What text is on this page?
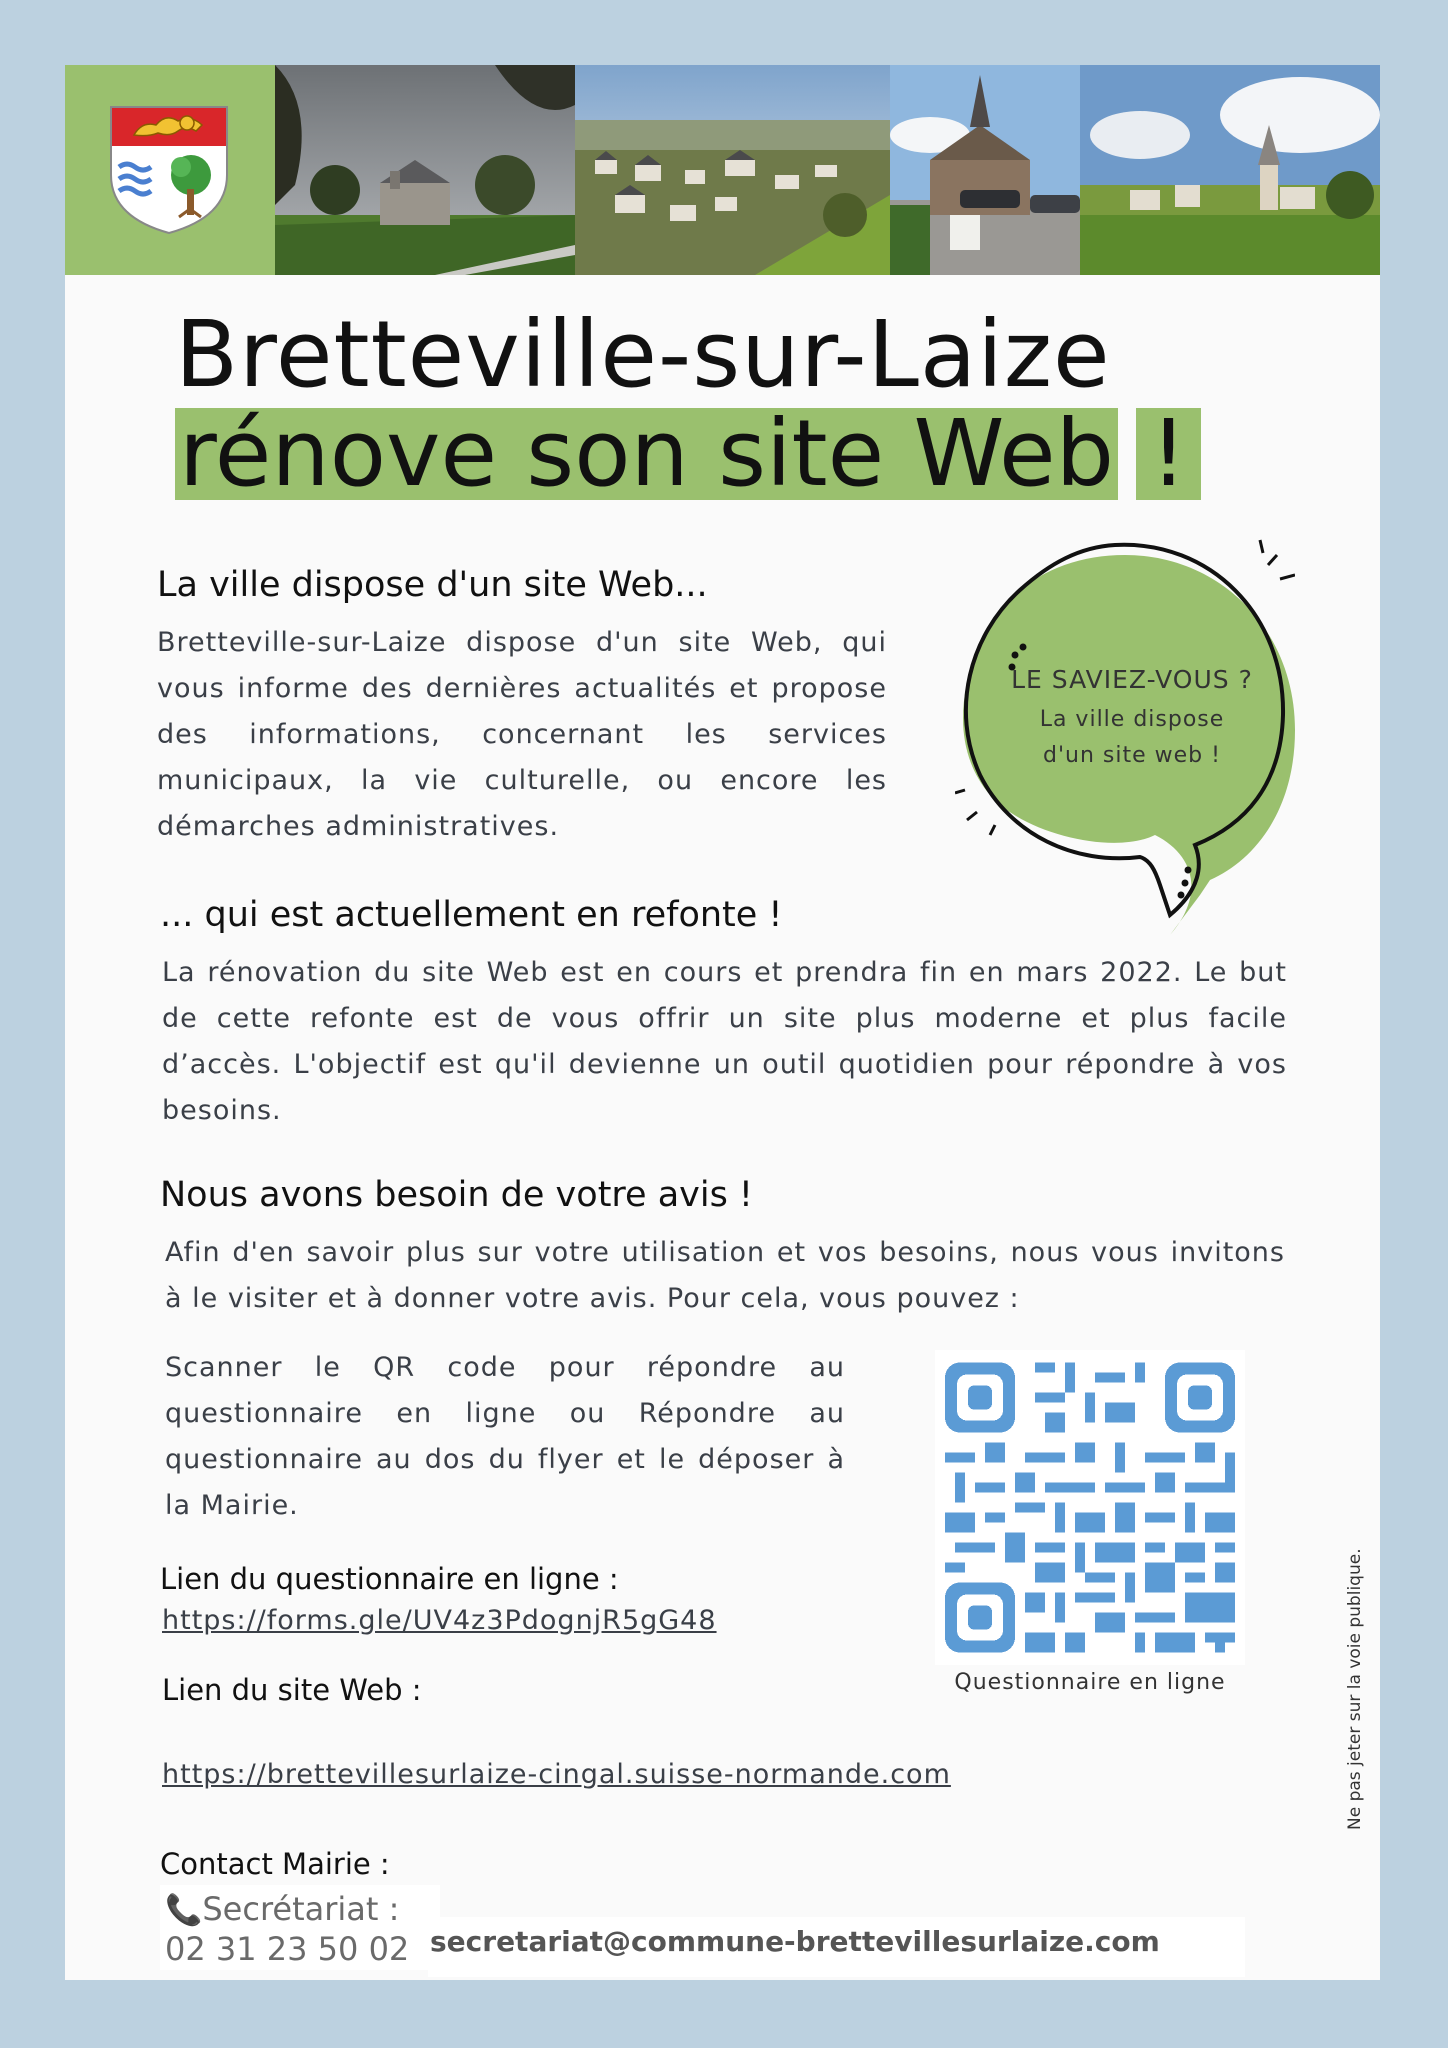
Bretteville-sur-Laize
rénove son site Web !
La ville dispose d'un site Web...

Bretteville-sur-Laize dispose d'un site Web, qui vous informe des dernières actualités et propose des informations, concernant les services municipaux, la vie culturelle, ou encore les démarches administratives.

LE SAVIEZ-VOUS ?
La ville dispose
d'un site web !
... qui est actuellement en refonte !

La rénovation du site Web est en cours et prendra fin en mars 2022. Le but de cette refonte est de vous offrir un site plus moderne et plus facile d’accès. L'objectif est qu'il devienne un outil quotidien pour répondre à vos besoins.

Nous avons besoin de votre avis !

Afin d'en savoir plus sur votre utilisation et vos besoins, nous vous invitons à le visiter et à donner votre avis. Pour cela, vous pouvez :

Scanner le QR code pour répondre au questionnaire en ligne ou Répondre au questionnaire au dos du flyer et le déposer à la Mairie.

Questionnaire en ligne
Lien du questionnaire en ligne :
https://forms.gle/UV4z3PdognjR5gG48
Lien du site Web :
https://brettevillesurlaize-cingal.suisse-normande.com
Contact Mairie :
📞Secrétariat :
02 31 23 50 02 secretariat@commune-brettevillesurlaize.com
Ne pas jeter sur la voie publique.
